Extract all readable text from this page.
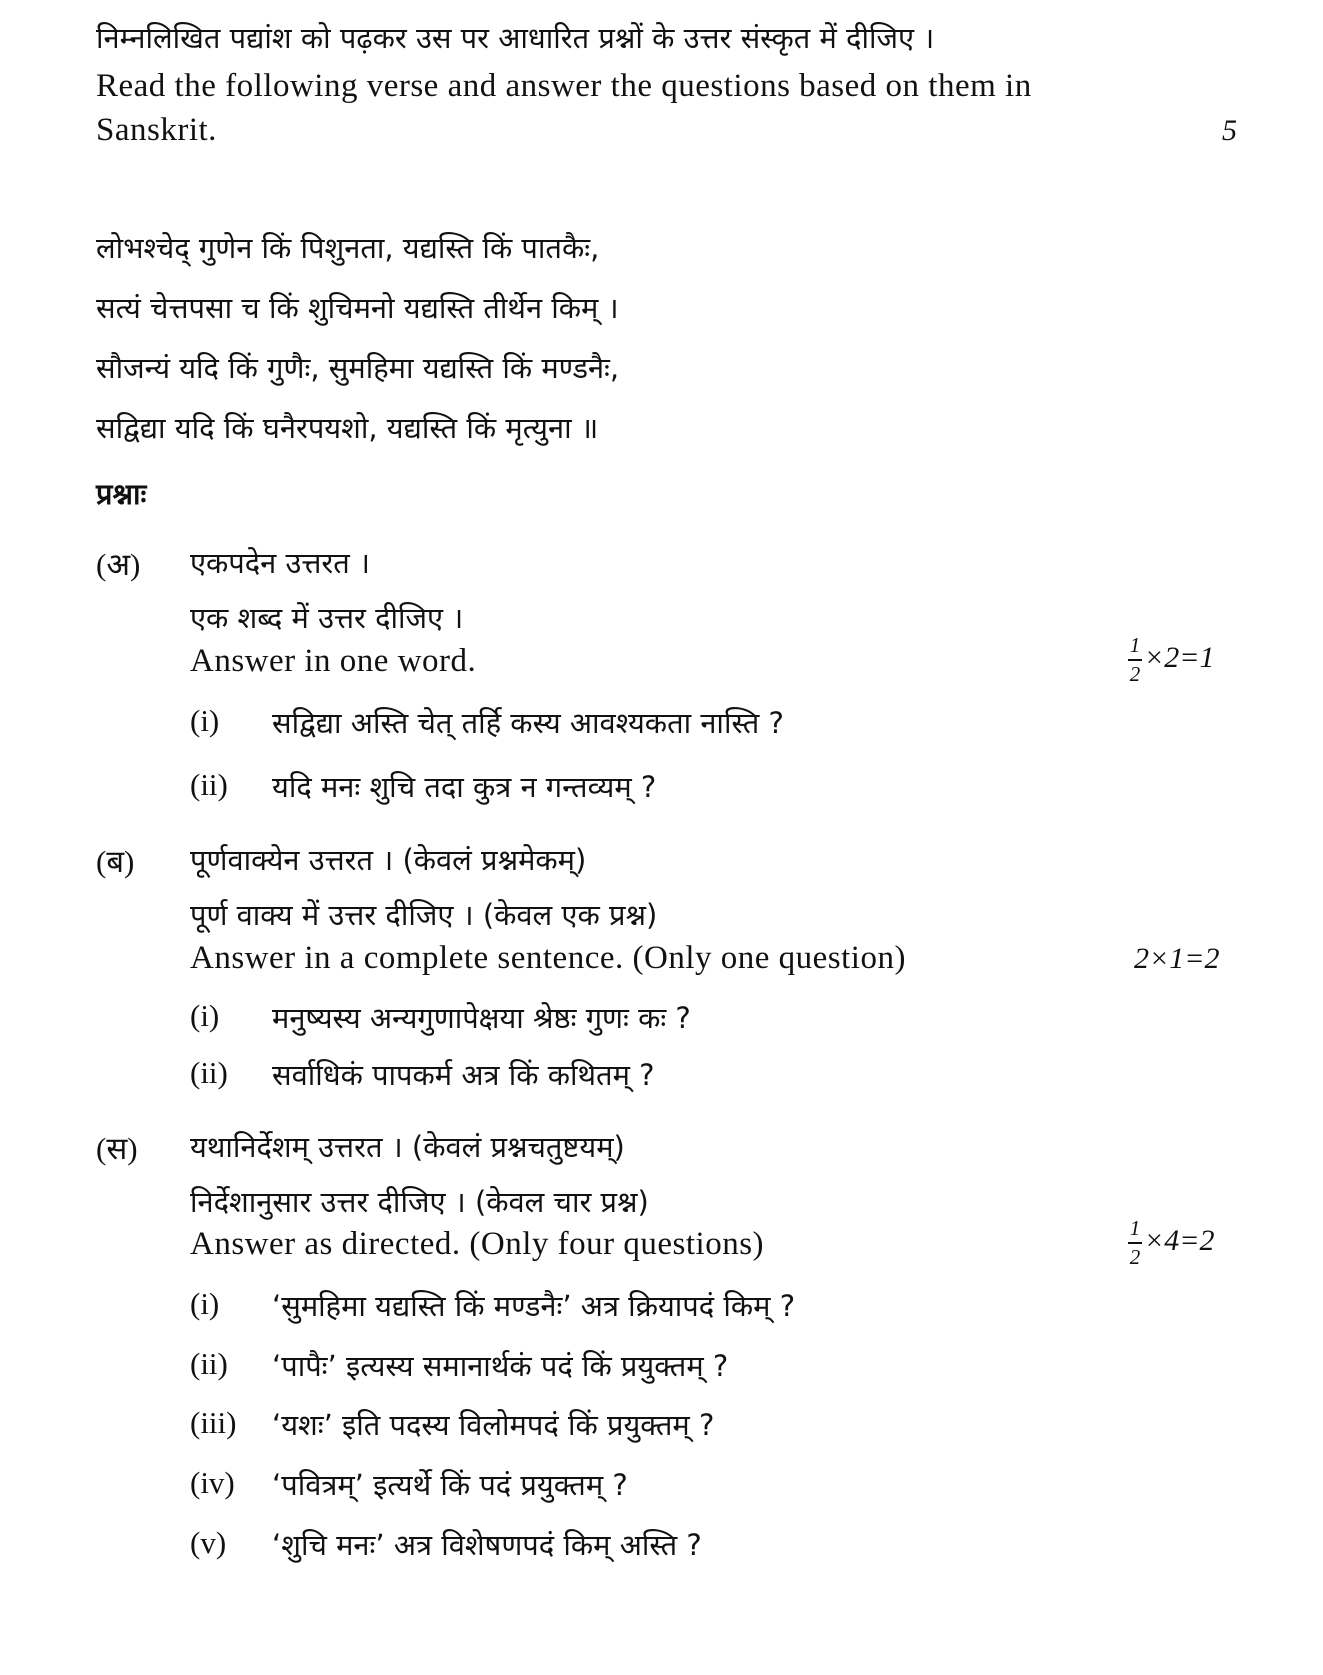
निम्नलिखित पद्यांश को पढ़कर उस पर आधारित प्रश्नों के उत्तर संस्कृत में दीजिए ।
Read the following verse and answer the questions based on them in
Sanskrit.	5
लोभश्चेद् गुणेन किं पिशुनता, यद्यस्ति किं पातकैः,
सत्यं चेत्तपसा च किं शुचिमनो यद्यस्ति तीर्थेन किम् ।
सौजन्यं यदि किं गुणैः, सुमहिमा यद्यस्ति किं मण्डनैः,
सद्विद्या यदि किं घनैरपयशो, यद्यस्ति किं मृत्युना ॥
प्रश्नाः
(अ) एकपदेन उत्तरत ।
एक शब्द में उत्तर दीजिए ।
Answer in one word.	$\frac{1}{2} \times 2=1$
(i) सद्विद्या अस्ति चेत् तर्हि कस्य आवश्यकता नास्ति ?
(ii) यदि मनः शुचि तदा कुत्र न गन्तव्यम् ?
(ब) पूर्णवाक्येन उत्तरत । (केवलं प्रश्नमेकम्)
पूर्ण वाक्य में उत्तर दीजिए । (केवल एक प्रश्न)
Answer in a complete sentence. (Only one question)	2×1=2
(i) मनुष्यस्य अन्यगुणापेक्षया श्रेष्ठः गुणः कः ?
(ii) सर्वाधिकं पापकर्म अत्र किं कथितम् ?
(स) यथानिर्देशम् उत्तरत । (केवलं प्रश्नचतुष्टयम्)
निर्देशानुसार उत्तर दीजिए । (केवल चार प्रश्न)
Answer as directed. (Only four questions)	$\frac{1}{2} \times 4=2$
(i) ‘सुमहिमा यद्यस्ति किं मण्डनैः’ अत्र क्रियापदं किम् ?
(ii) ‘पापैः’ इत्यस्य समानार्थकं पदं किं प्रयुक्तम् ?
(iii) ‘यशः’ इति पदस्य विलोमपदं किं प्रयुक्तम् ?
(iv) ‘पवित्रम्’ इत्यर्थे किं पदं प्रयुक्तम् ?
(v) ‘शुचि मनः’ अत्र विशेषणपदं किम् अस्ति ?
